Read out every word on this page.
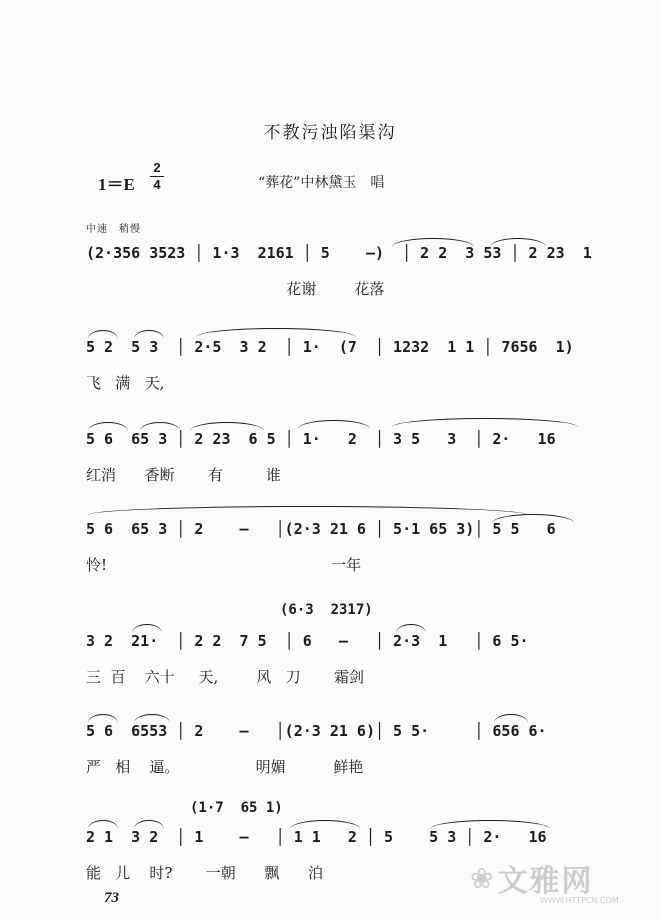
不教污浊陷渠沟
1＝E
2
4	“葬花”中林黛玉　唱
中速　稍慢
(2·356 3523 │ 1·3  2161 │ 5    —)  │ 2 2  3 53 │ 2 23  1
花谢        花落
5 2  5 3  │ 2·5  3 2  │ 1·  (7  │ 1232  1 1 │ 7656  1)
飞   满   天,
5 6  65 3 │ 2 23  6 5 │ 1·   2  │ 3 5   3  │ 2·   16
红消      香断       有         谁
5 6  65 3 │ 2    —   │(2·3 21 6 │ 5·1 65 3)│ 5 5   6
怜!                                               一年
(6·3  2317)
3 2  21·  │ 2 2  7 5  │ 6   —   │ 2·3  1   │ 6 5·
三  百    六十     天,        风   刀       霜剑
5 6  6553 │ 2    —   │(2·3 21 6)│ 5 5·     │ 656 6·
严   相    逼。                明媚          鲜艳
(1·7  65 1)
2 1  3 2  │ 1    —   │ 1 1   2 │ 5    5 3 │ 2·   16
能   儿    时?       一朝      飘      泊
73
❀ 文雅网
WWW.HTTPCN.COM
